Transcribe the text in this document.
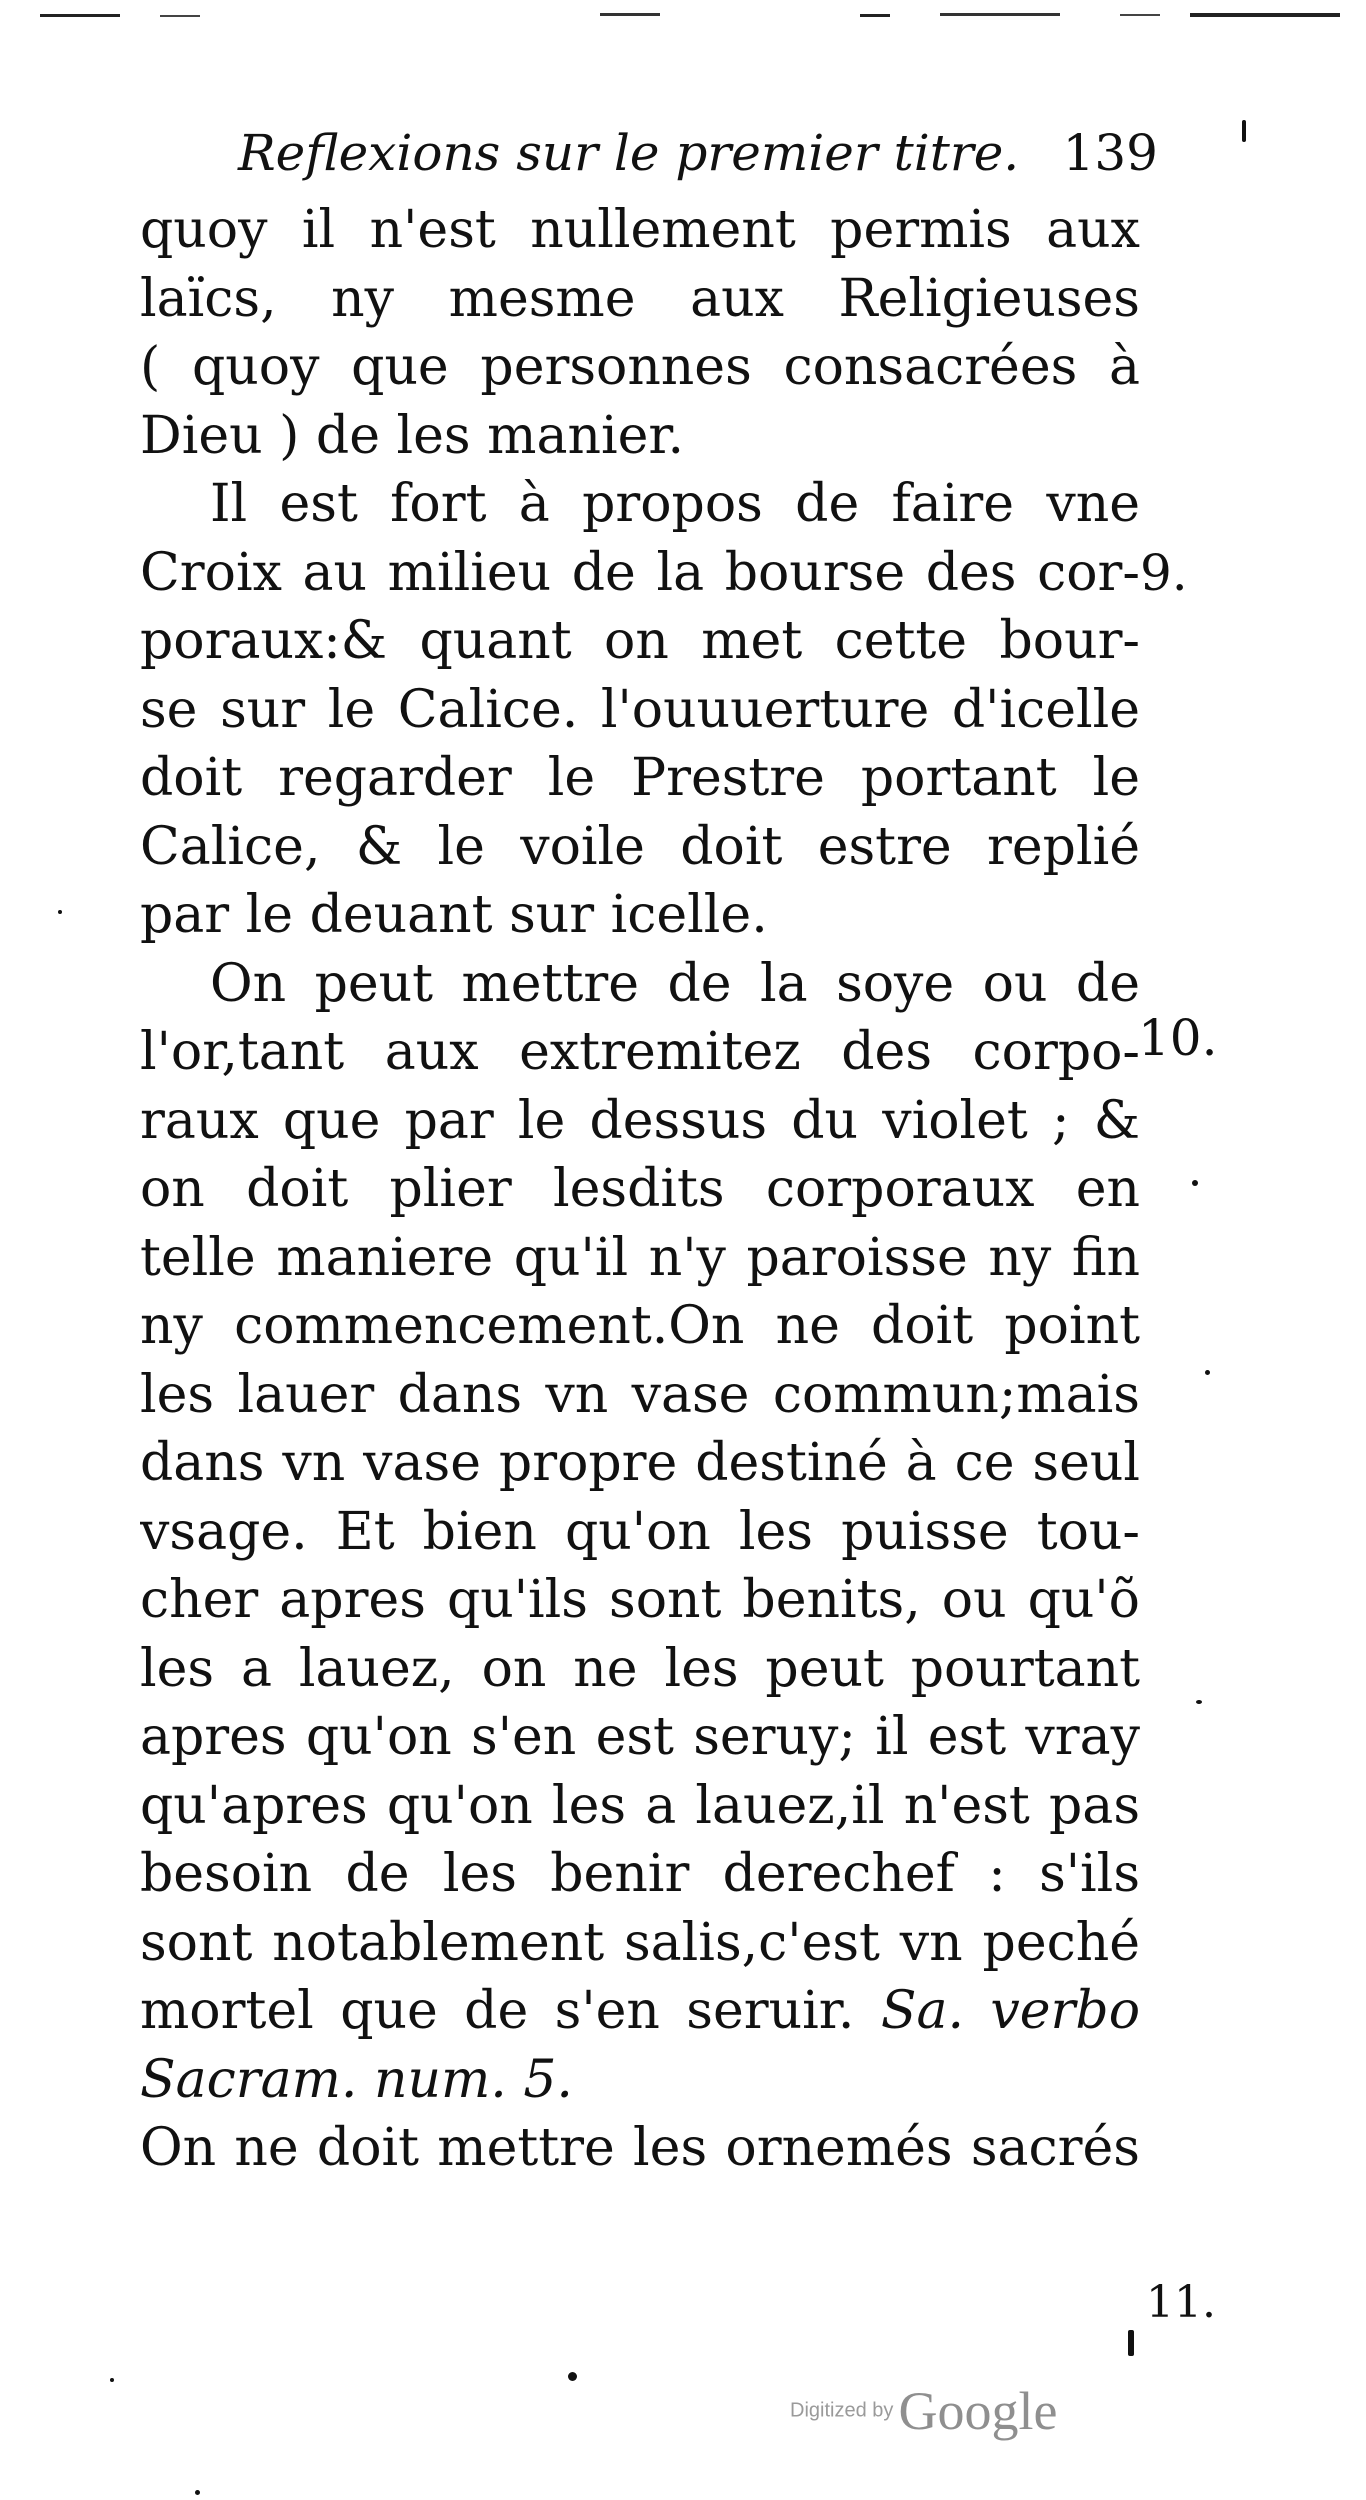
Reflexions sur le premier titre. 139
quoy il n'est nullement permis aux
laïcs, ny mesme aux Religieuses
( quoy que personnes consacrées à
Dieu ) de les manier.
Il est fort à propos de faire vne
Croix au milieu de la bourse des cor-
poraux:& quant on met cette bour-
se sur le Calice. l'ouuuerture d'icelle
doit regarder le Prestre portant le
Calice, & le voile doit estre replié
par le deuant sur icelle.
On peut mettre de la soye ou de
l'or,tant aux extremitez des corpo-
raux que par le dessus du violet ; &
on doit plier lesdits corporaux en
telle maniere qu'il n'y paroisse ny fin
ny commencement.On ne doit point
les lauer dans vn vase commun;mais
dans vn vase propre destiné à ce seul
vsage. Et bien qu'on les puisse tou-
cher apres qu'ils sont benits, ou qu'õ
les a lauez, on ne les peut pourtant
apres qu'on s'en est seruy; il est vray
qu'apres qu'on les a lauez,il n'est pas
besoin de les benir derechef : s'ils
sont notablement salis,c'est vn peché
mortel que de s'en seruir. Sa. verbo
Sacram. num. 5.
On ne doit mettre les ornemés sacrés
9.
10.
11.
Digitized by Google
